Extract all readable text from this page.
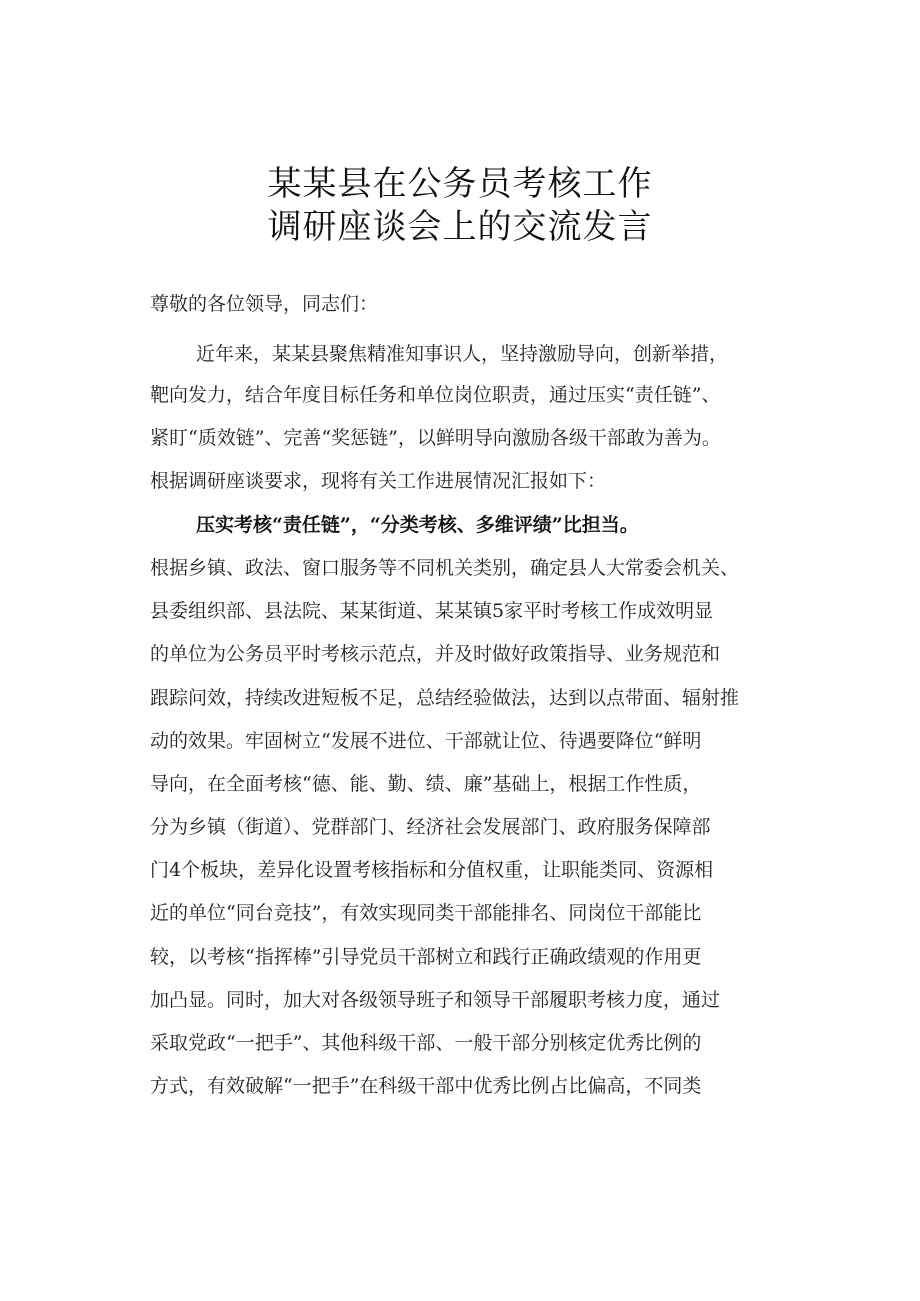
某某县在公务员考核工作
调研座谈会上的交流发言
尊敬的各位领导，同志们：
近年来，某某县聚焦精准知事识人，坚持激励导向，创新举措，
靶向发力，结合年度目标任务和单位岗位职责，通过压实“责任链”、
紧盯“质效链”、完善“奖惩链”，以鲜明导向激励各级干部敢为善为。
根据调研座谈要求，现将有关工作进展情况汇报如下：
压实考核“责任链”，“分类考核、多维评绩”比担当。
根据乡镇、政法、窗口服务等不同机关类别，确定县人大常委会机关、
县委组织部、县法院、某某街道、某某镇5家平时考核工作成效明显
的单位为公务员平时考核示范点，并及时做好政策指导、业务规范和
跟踪问效，持续改进短板不足，总结经验做法，达到以点带面、辐射推
动的效果。牢固树立“发展不进位、干部就让位、待遇要降位“鲜明
导向，在全面考核“德、能、勤、绩、廉”基础上，根据工作性质，
分为乡镇（街道）、党群部门、经济社会发展部门、政府服务保障部
门4个板块，差异化设置考核指标和分值权重，让职能类同、资源相
近的单位“同台竞技”，有效实现同类干部能排名、同岗位干部能比
较，以考核“指挥棒”引导党员干部树立和践行正确政绩观的作用更
加凸显。同时，加大对各级领导班子和领导干部履职考核力度，通过
采取党政“一把手”、其他科级干部、一般干部分别核定优秀比例的
方式，有效破解“一把手”在科级干部中优秀比例占比偏高，不同类
